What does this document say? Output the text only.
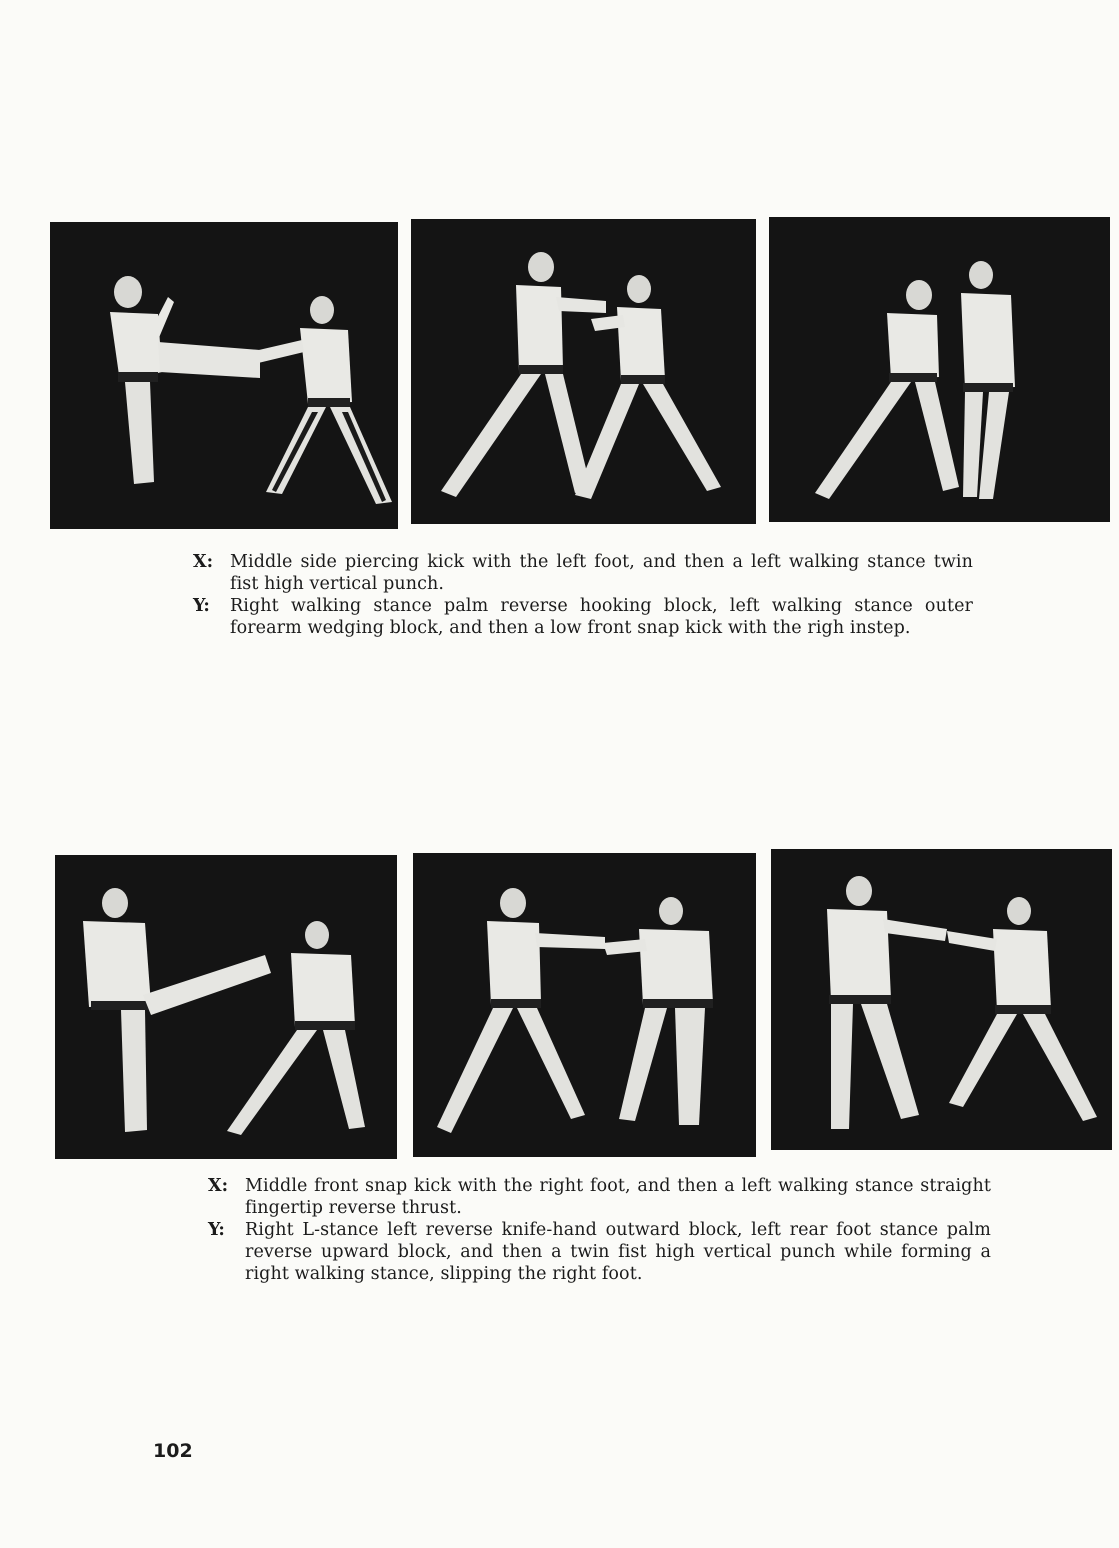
X: Middle side piercing kick with the left foot, and then a left walking stance twin fist high vertical punch.
Y:	Right walking stance palm reverse hooking block, left walking stance outer forearm wedging block, and then a low front snap kick with the righ instep.
X: Middle front snap kick with the right foot, and then a left walking stance straight fingertip reverse thrust.
Y:	Right L-stance left reverse knife-hand outward block, left rear foot stance palm reverse upward block, and then a twin fist high vertical punch while forming a right walking stance, slipping the right foot.
102
